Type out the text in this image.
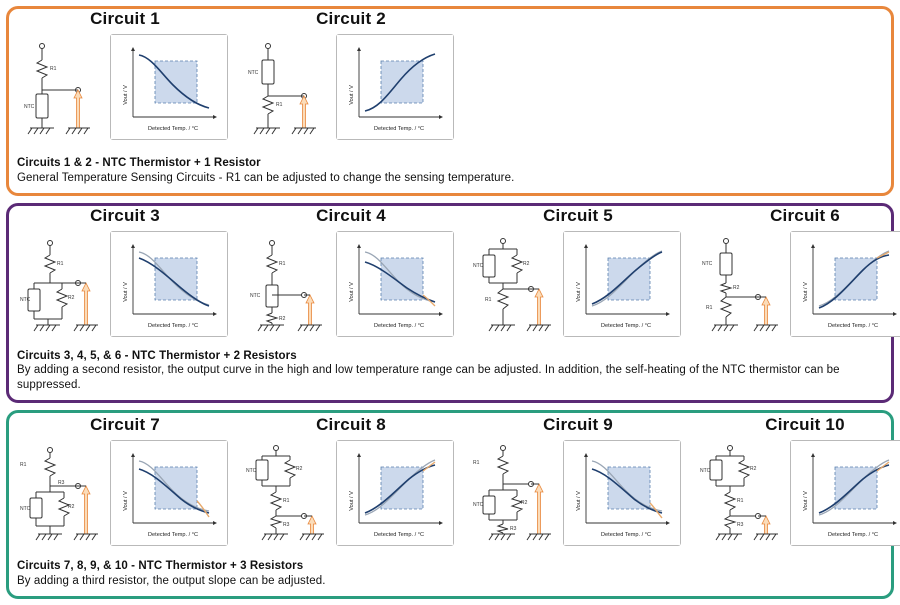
Circuits 1 & 2 - NTC Thermistor + 1 Resistor
General Temperature Sensing Circuits - R1 can be adjusted to change the sensing temperature.
Circuit 1
R1
NTC
Vout / V
Detected Temp. / °C
Circuit 2
NTC
R1
Vout / V
Detected Temp. / °C
Circuits 3, 4, 5, & 6 - NTC Thermistor + 2 Resistors
By adding a second resistor, the output curve in the high and low temperature range can be adjusted. In addition, the self-heating of the NTC thermistor can be suppressed.
Circuit 3
R1
NTC	R2	Vout / V
Detected Temp. / °C
Circuit 4
R1
NTC
R2
Vout / V
Detected Temp. / °C
Circuit 5
NTC	R2
R1	Vout / V
Detected Temp. / °C
Circuit 6
NTC
R2
R1
Vout / V
Detected Temp. / °C
Circuits 7, 8, 9, & 10 - NTC Thermistor + 3 Resistors
By adding a third resistor, the output slope can be adjusted.
Circuit 7
R1
NTC	R2
R3
Vout / V
Detected Temp. / °C
Circuit 8
NTC	R2
R1
R3
Vout / V
Detected Temp. / °C
Circuit 9
R1
NTC	R2
R3
Vout / V
Detected Temp. / °C
Circuit 10
NTC	R2
R1
R3
Vout / V
Detected Temp. / °C
